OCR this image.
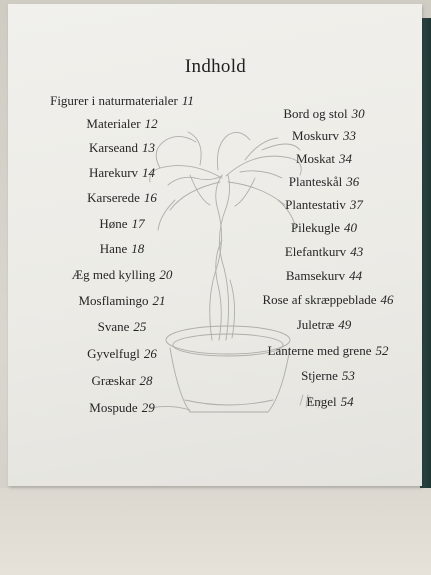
Indhold
Figurer i naturmaterialer 11
Materialer 12
Karseand 13
Harekurv 14
Karserede 16
Høne 17
Hane 18
Æg med kylling 20
Mosflamingo 21
Svane 25
Gyvelfugl 26
Græskar 28
Mospude 29
Bord og stol 30
Moskurv 33
Moskat 34
Planteskål 36
Plantestativ 37
Pilekugle 40
Elefantkurv 43
Bamsekurv 44
Rose af skræppeblade 46
Juletræ 49
Lanterne med grene 52
Stjerne 53
Engel 54
